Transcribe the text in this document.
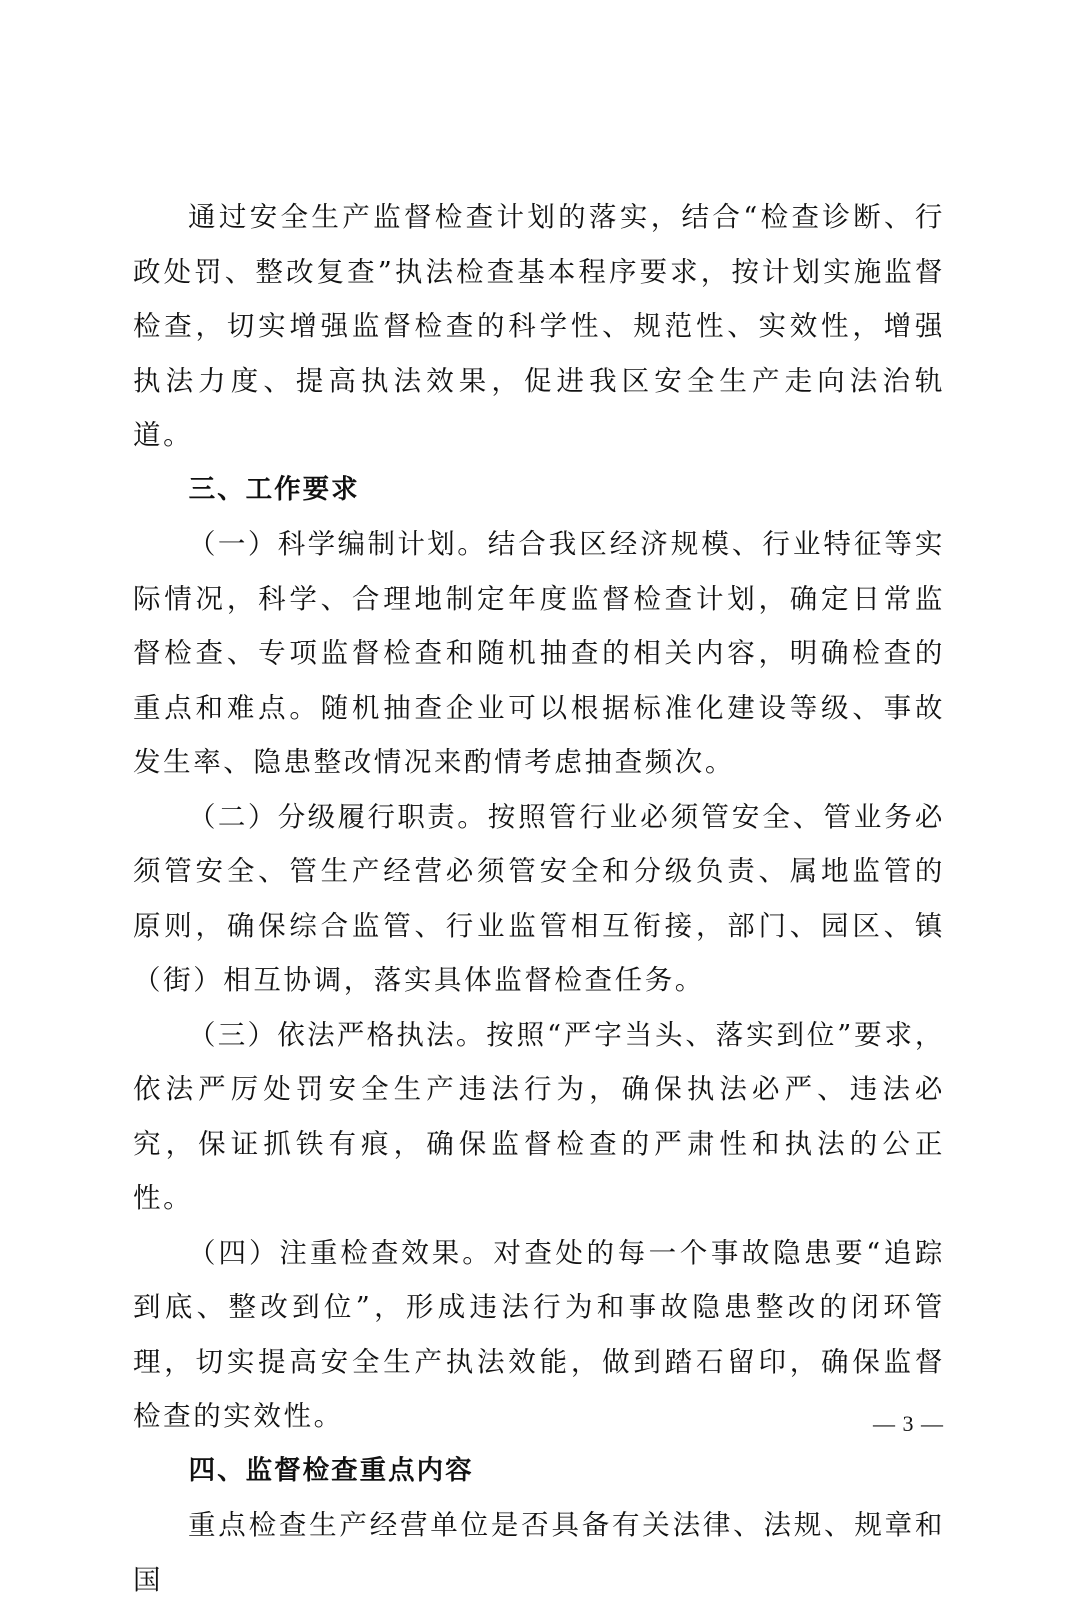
通过安全生产监督检查计划的落实，结合“检查诊断、行政处罚、整改复查”执法检查基本程序要求，按计划实施监督检查，切实增强监督检查的科学性、规范性、实效性，增强执法力度、提高执法效果，促进我区安全生产走向法治轨道。

三、工作要求

（一）科学编制计划。结合我区经济规模、行业特征等实际情况，科学、合理地制定年度监督检查计划，确定日常监督检查、专项监督检查和随机抽查的相关内容，明确检查的重点和难点。随机抽查企业可以根据标准化建设等级、事故发生率、隐患整改情况来酌情考虑抽查频次。

（二）分级履行职责。按照管行业必须管安全、管业务必须管安全、管生产经营必须管安全和分级负责、属地监管的原则，确保综合监管、行业监管相互衔接，部门、园区、镇（街）相互协调，落实具体监督检查任务。

（三）依法严格执法。按照“严字当头、落实到位”要求，依法严厉处罚安全生产违法行为，确保执法必严、违法必究，保证抓铁有痕，确保监督检查的严肃性和执法的公正性。

（四）注重检查效果。对查处的每一个事故隐患要“追踪到底、整改到位”，形成违法行为和事故隐患整改的闭环管理，切实提高安全生产执法效能，做到踏石留印，确保监督检查的实效性。

四、监督检查重点内容

重点检查生产经营单位是否具备有关法律、法规、规章和国

— 3 —
